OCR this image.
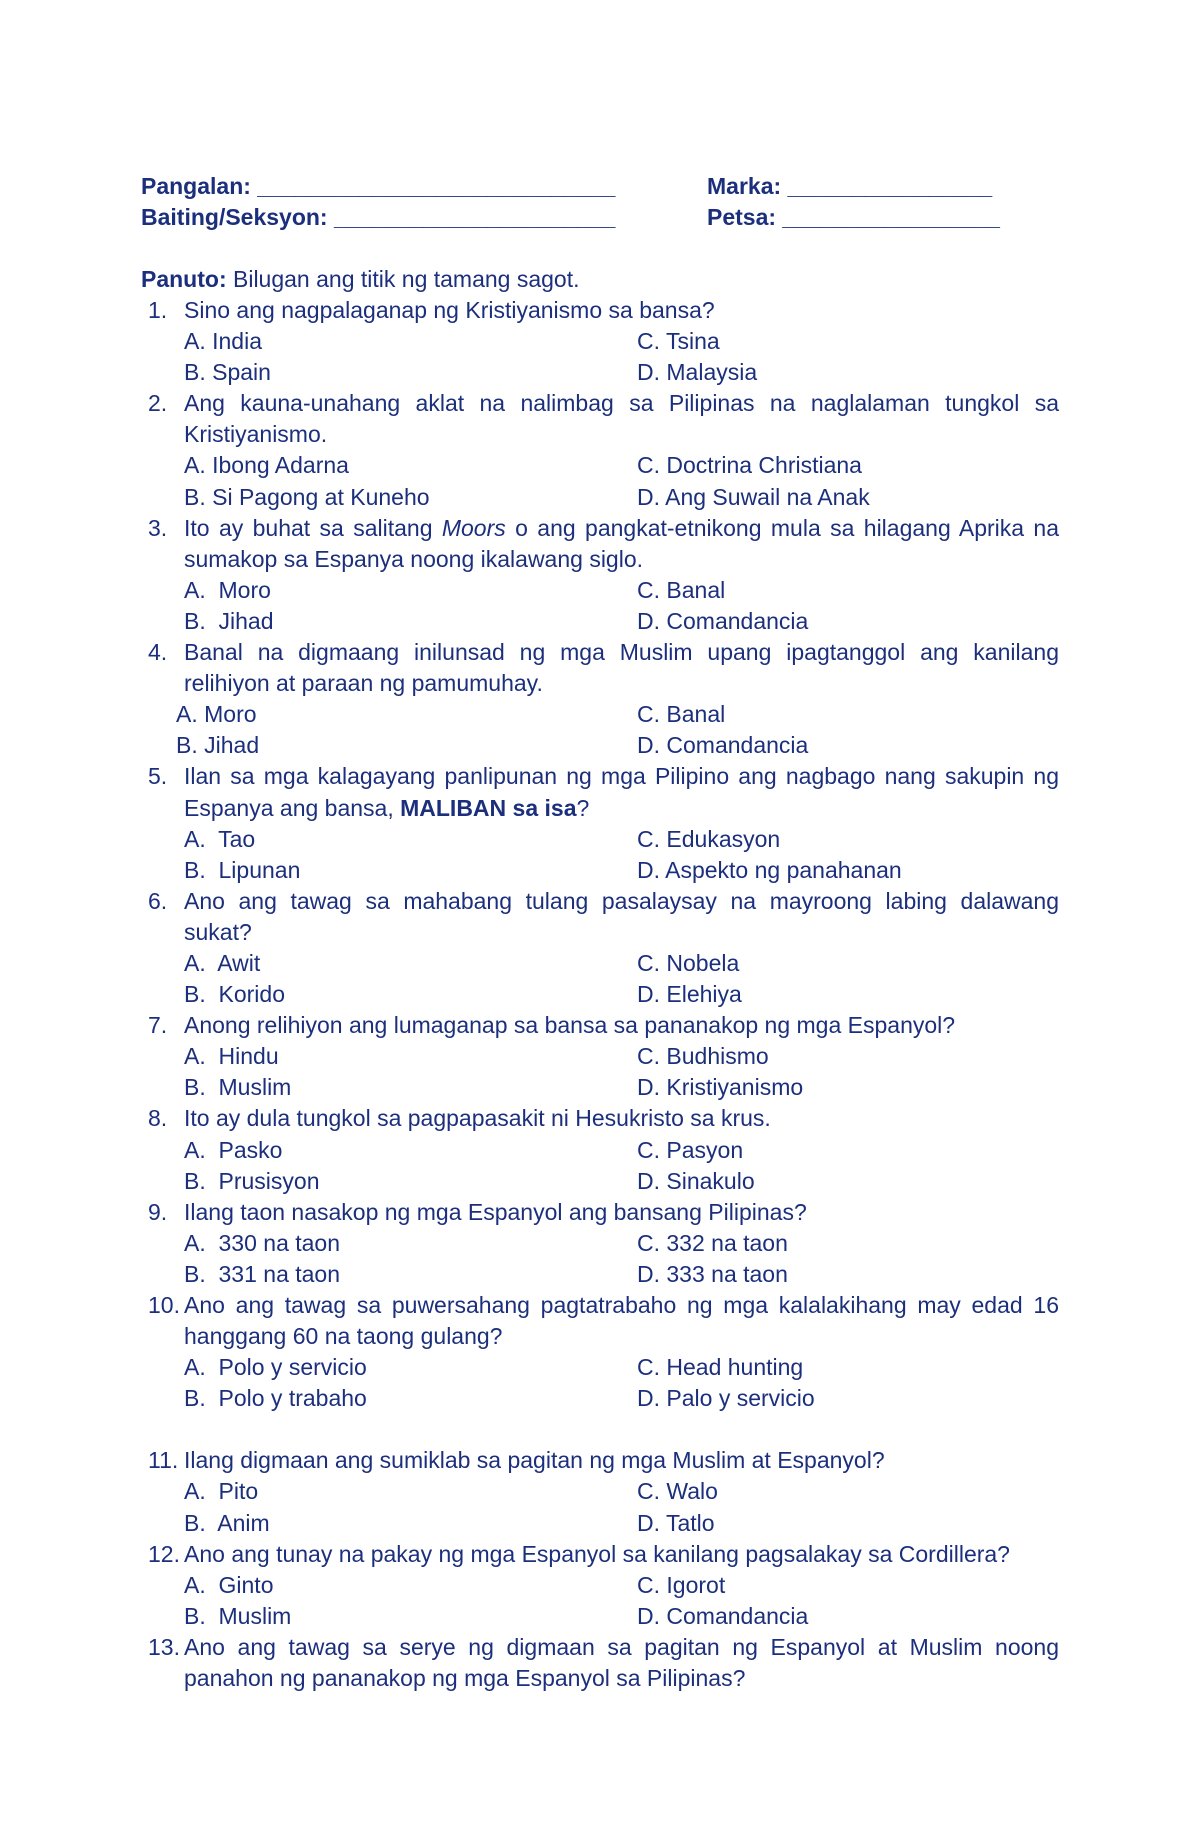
Pangalan: ____________________________	Marka: ________________
Baiting/Seksyon: ______________________	Petsa: _________________
Panuto: Bilugan ang titik ng tamang sagot.
1. Sino ang nagpalaganap ng Kristiyanismo sa bansa?
A. India	C. Tsina
B. Spain	D. Malaysia
2. Ang kauna-unahang aklat na nalimbag sa Pilipinas na naglalaman tungkol sa Kristiyanismo.
A. Ibong Adarna	C. Doctrina Christiana
B. Si Pagong at Kuneho	D. Ang Suwail na Anak
3. Ito ay buhat sa salitang Moors o ang pangkat-etnikong mula sa hilagang Aprika na sumakop sa Espanya noong ikalawang siglo.
A.  Moro	C. Banal
B.  Jihad	D. Comandancia
4. Banal na digmaang inilunsad ng mga Muslim upang ipagtanggol ang kanilang relihiyon at paraan ng pamumuhay.
A. Moro	C. Banal
B. Jihad	D. Comandancia
5. Ilan sa mga kalagayang panlipunan ng mga Pilipino ang nagbago nang sakupin ng Espanya ang bansa, MALIBAN sa isa?
A.  Tao	C. Edukasyon
B.  Lipunan	D. Aspekto ng panahanan
6. Ano ang tawag sa mahabang tulang pasalaysay na mayroong labing dalawang sukat?
A.  Awit	C. Nobela
B.  Korido	D. Elehiya
7. Anong relihiyon ang lumaganap sa bansa sa pananakop ng mga Espanyol?
A.  Hindu	C. Budhismo
B.  Muslim	D. Kristiyanismo
8. Ito ay dula tungkol sa pagpapasakit ni Hesukristo sa krus.
A.  Pasko	C. Pasyon
B.  Prusisyon	D. Sinakulo
9. Ilang taon nasakop ng mga Espanyol ang bansang Pilipinas?
A.  330 na taon	C. 332 na taon
B.  331 na taon	D. 333 na taon
10. Ano ang tawag sa puwersahang pagtatrabaho ng mga kalalakihang may edad 16 hanggang 60 na taong gulang?
A.  Polo y servicio	C. Head hunting
B.  Polo y trabaho	D. Palo y servicio
11. Ilang digmaan ang sumiklab sa pagitan ng mga Muslim at Espanyol?
A.  Pito	C. Walo
B.  Anim	D. Tatlo
12. Ano ang tunay na pakay ng mga Espanyol sa kanilang pagsalakay sa Cordillera?
A.  Ginto	C. Igorot
B.  Muslim	D. Comandancia
13. Ano ang tawag sa serye ng digmaan sa pagitan ng Espanyol at Muslim noong panahon ng pananakop ng mga Espanyol sa Pilipinas?
